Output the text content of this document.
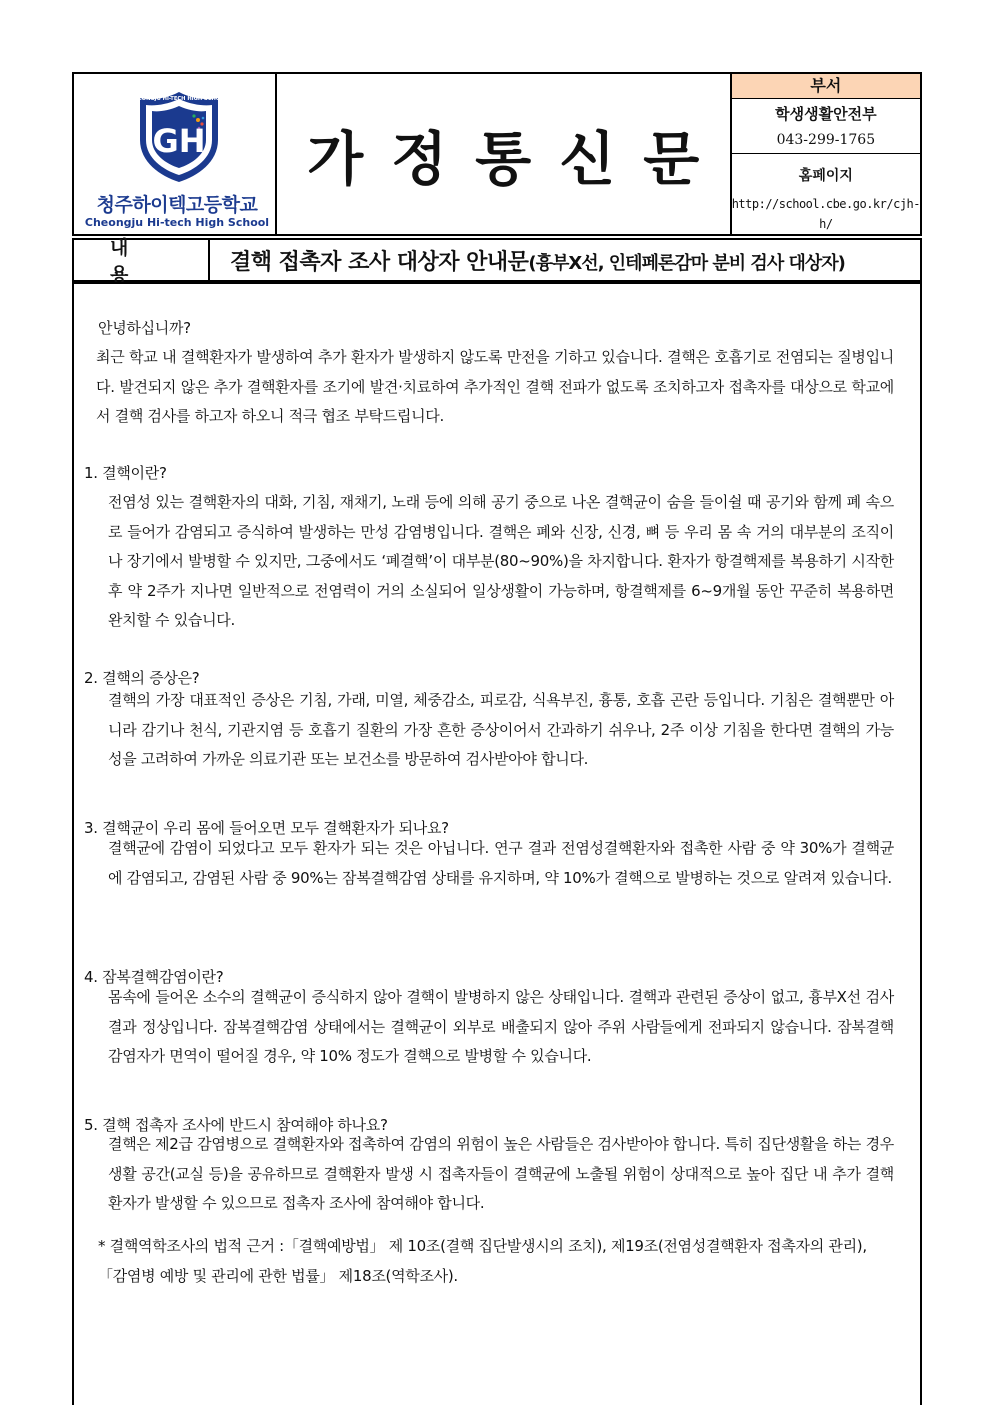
CHEONGJU HI-TECH HIGH SCHOOL
GH
청주하이텍고등학교
Cheongju Hi-tech High School
가정통신문
부서
학생생활안전부
043-299-1765
홈페이지
http://school.cbe.go.kr/cjh-h/
내용
결핵 접촉자 조사 대상자 안내문(흉부X선, 인테페론감마 분비 검사 대상자)
안녕하십니까?
최근 학교 내 결핵환자가 발생하여 추가 환자가 발생하지 않도록 만전을 기하고 있습니다. 결핵은 호흡기로 전염되는 질병입니다. 발견되지 않은 추가 결핵환자를 조기에 발견·치료하여 추가적인 결핵 전파가 없도록 조치하고자 접촉자를 대상으로 학교에서 결핵 검사를 하고자 하오니 적극 협조 부탁드립니다.
1. 결핵이란?
전염성 있는 결핵환자의 대화, 기침, 재채기, 노래 등에 의해 공기 중으로 나온 결핵균이 숨을 들이쉴 때 공기와 함께 폐 속으로 들어가 감염되고 증식하여 발생하는 만성 감염병입니다. 결핵은 폐와 신장, 신경, 뼈 등 우리 몸 속 거의 대부분의 조직이나 장기에서 발병할 수 있지만, 그중에서도 ‘폐결핵’이 대부분(80~90%)을 차지합니다. 환자가 항결핵제를 복용하기 시작한 후 약 2주가 지나면 일반적으로 전염력이 거의 소실되어 일상생활이 가능하며, 항결핵제를 6~9개월 동안 꾸준히 복용하면 완치할 수 있습니다.
2. 결핵의 증상은?
결핵의 가장 대표적인 증상은 기침, 가래, 미열, 체중감소, 피로감, 식욕부진, 흉통, 호흡 곤란 등입니다. 기침은 결핵뿐만 아니라 감기나 천식, 기관지염 등 호흡기 질환의 가장 흔한 증상이어서 간과하기 쉬우나, 2주 이상 기침을 한다면 결핵의 가능성을 고려하여 가까운 의료기관 또는 보건소를 방문하여 검사받아야 합니다.
3. 결핵균이 우리 몸에 들어오면 모두 결핵환자가 되나요?
결핵균에 감염이 되었다고 모두 환자가 되는 것은 아닙니다. 연구 결과 전염성결핵환자와 접촉한 사람 중 약 30%가 결핵균에 감염되고, 감염된 사람 중 90%는 잠복결핵감염 상태를 유지하며, 약 10%가 결핵으로 발병하는 것으로 알려져 있습니다.
4. 잠복결핵감염이란?
몸속에 들어온 소수의 결핵균이 증식하지 않아 결핵이 발병하지 않은 상태입니다. 결핵과 관련된 증상이 없고, 흉부X선 검사결과 정상입니다. 잠복결핵감염 상태에서는 결핵균이 외부로 배출되지 않아 주위 사람들에게 전파되지 않습니다. 잠복결핵감염자가 면역이 떨어질 경우, 약 10% 정도가 결핵으로 발병할 수 있습니다.
5. 결핵 접촉자 조사에 반드시 참여해야 하나요?
결핵은 제2급 감염병으로 결핵환자와 접촉하여 감염의 위험이 높은 사람들은 검사받아야 합니다. 특히 집단생활을 하는 경우 생활 공간(교실 등)을 공유하므로 결핵환자 발생 시 접촉자들이 결핵균에 노출될 위험이 상대적으로 높아 집단 내 추가 결핵환자가 발생할 수 있으므로 접촉자 조사에 참여해야 합니다.
* 결핵역학조사의 법적 근거 :「결핵예방법」 제 10조(결핵 집단발생시의 조치), 제19조(전염성결핵환자 접촉자의 관리),「감염병 예방 및 관리에 관한 법률」 제18조(역학조사).
